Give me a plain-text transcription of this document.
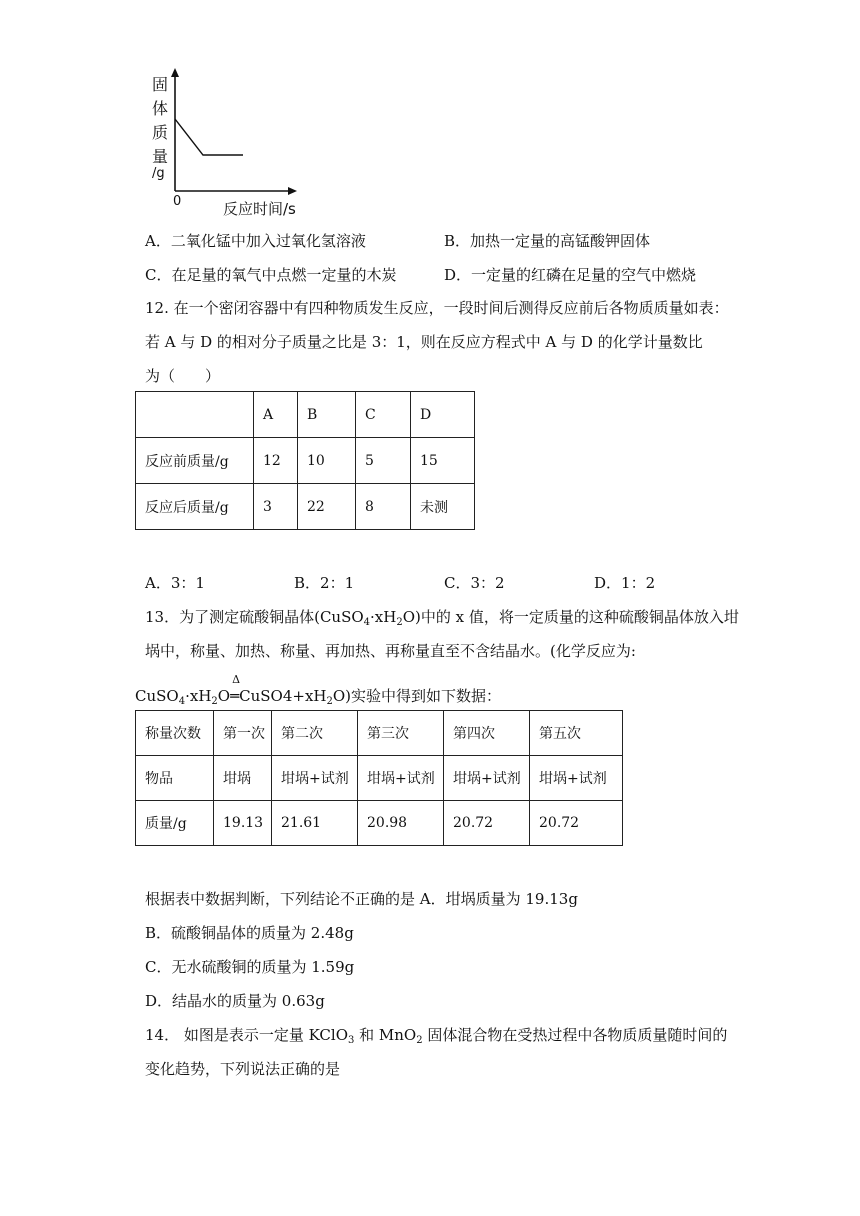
固
体
质
量
/g
0	反应时间/s
A．二氧化锰中加入过氧化氢溶液	B．加热一定量的高锰酸钾固体
C．在足量的氧气中点燃一定量的木炭	D．一定量的红磷在足量的空气中燃烧
12. 在一个密闭容器中有四种物质发生反应，一段时间后测得反应前后各物质质量如表：
若 A 与 D 的相对分子质量之比是 3：1，则在反应方程式中 A 与 D 的化学计量数比
为（　　）
	A	B	C	D
反应前质量/g	12	10	5	15
反应后质量/g	3	22	8	未测
A．3：1	B．2：1	C．3：2	D．1：2
13．为了测定硫酸铜晶体$(CuSO_4\cdot xH_2O)$中的 x 值，将一定质量的这种硫酸铜晶体放入坩
埚中，称量、加热、称量、再加热、再称量直至不含结晶水。(化学反应为:
$CuSO_4\cdot xH_2O$
Δ
$═CuSO4+xH_2O$)实验中得到如下数据：
称量次数	第一次	第二次	第三次	第四次	第五次
物品	坩埚	坩埚+试剂	坩埚+试剂	坩埚+试剂	坩埚+试剂
质量/g	19.13	21.61	20.98	20.72	20.72
根据表中数据判断，下列结论不正确的是 A．坩埚质量为 19.13g
B．硫酸铜晶体的质量为 2.48g
C．无水硫酸铜的质量为 1.59g
D．结晶水的质量为 0.63g
14． 如图是表示一定量 KClO$_3$ 和 MnO$_2$ 固体混合物在受热过程中各物质质量随时间的
变化趋势，下列说法正确的是
